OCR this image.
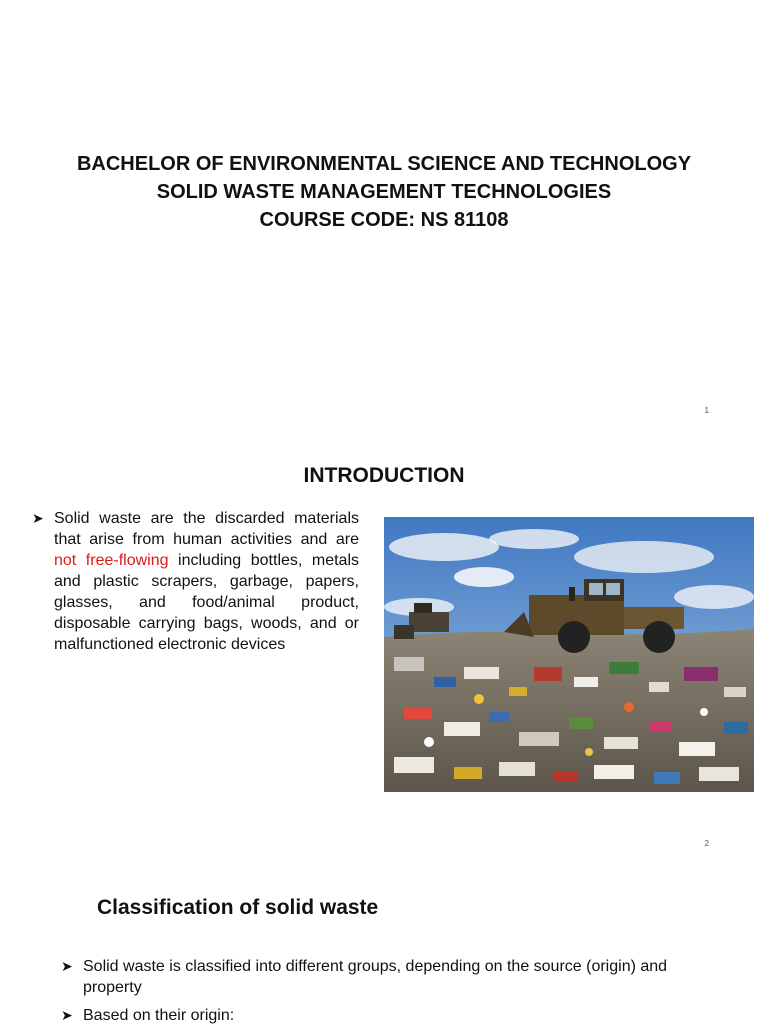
BACHELOR OF ENVIRONMENTAL SCIENCE AND TECHNOLOGY
SOLID WASTE MANAGEMENT TECHNOLOGIES
COURSE CODE: NS 81108
1
INTRODUCTION
➤ Solid waste are the discarded materials that arise from human activities and are not free-flowing including bottles, metals and plastic scrapers, garbage, papers, glasses, and food/animal product, disposable carrying bags, woods, and or malfunctioned electronic devices
2
Classification of solid waste
➤ Solid waste is classified into different groups, depending on the source (origin) and property
➤ Based on their origin:
